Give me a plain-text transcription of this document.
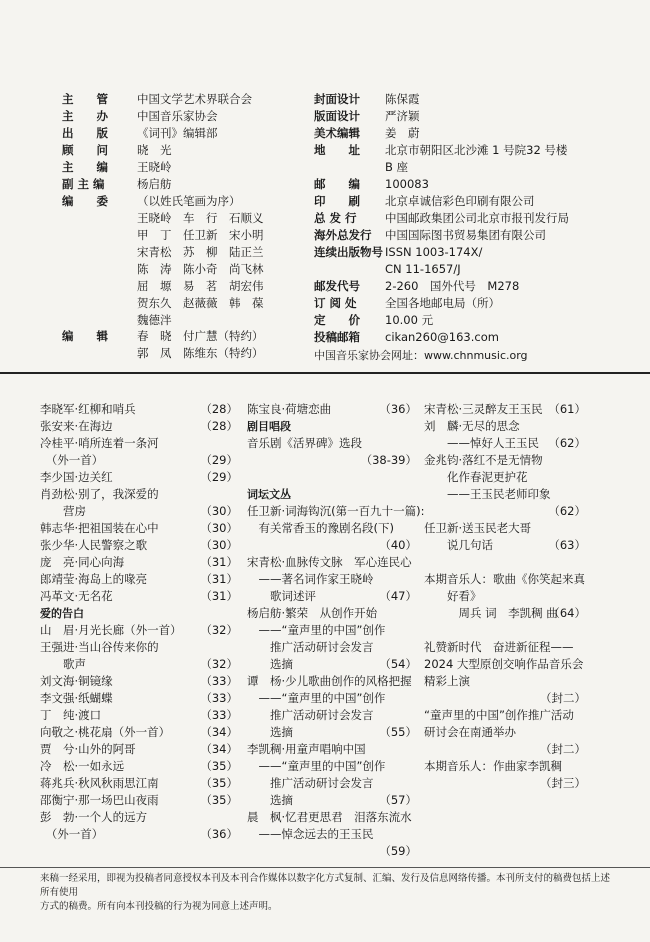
主　　管	中国文学艺术界联合会
主　　办	中国音乐家协会
出　　版	《词刊》编辑部
顾　　问	晓　光
主　　编	王晓岭
副 主 编	杨启舫
编　　委	（以姓氏笔画为序）
王晓岭　车　行　石顺义
甲　丁　任卫新　宋小明
宋青松　苏　柳　陆正兰
陈　涛　陈小奇　尚飞林
屈　塬　易　茗　胡宏伟
贺东久　赵薇薇　韩　葆
魏德泮
编　　辑	春　晓　付广慧（特约）
郭　凤　陈维东（特约）
封面设计 陈保霞
版面设计 严济颖
美术编辑 姜　蔚
地　　址 北京市朝阳区北沙滩 1 号院32 号楼
B 座
邮　　编 100083
印　　刷 北京卓诚信彩色印刷有限公司
总 发 行 中国邮政集团公司北京市报刊发行局
海外总发行 中国国际图书贸易集团有限公司
连续出版物号 ISSN 1003-174X/
CN 11-1657/J
邮发代号 2-260　国外代号　M278
订 阅 处 全国各地邮电局（所）
定　　价 10.00 元
投稿邮箱 cikan260@163.com
中国音乐家协会网址：www.chnmusic.org
李晓军·红柳和哨兵	（28）
张安来·在海边	（28）
冷桂平·哨所连着一条河
　（外一首）	（29）
李少国·边关红	（29）
肖劲松·别了，我深爱的
　　营房	（30）
韩志华·把祖国装在心中	（30）
张少华·人民警察之歌	（30）
庞　亮·同心向海	（31）
郎靖莹·海岛上的喙亮	（31）
冯革文·无名花	（31）
爱的告白
山　眉·月光长廊（外一首） （32）
王强进·当山谷传来你的
　　歌声	（32）
刘文海·铜镜缘	（33）
李文强·纸蝴蝶	（33）
丁　纯·渡口	（33）
向敬之·桃花扇（外一首）	（34）
贾　兮·山外的阿哥	（34）
冷　松·一如永远	（35）
蒋兆兵·秋风秋雨思江南	（35）
邵衡宁·那一场巴山夜雨	（35）
彭　勃·一个人的远方
　（外一首）	（36）
陈宝良·荷塘恋曲	（36）
剧目唱段
音乐剧《活界碑》选段
（38-39）
词坛文丛
任卫新·词海钩沉(第一百九十一篇):
　有关常香玉的豫剧名段(下)
（40）
宋青松·血脉传文脉　军心连民心
　——著名词作家王晓岭
　　歌词述评	（47）
杨启舫·繁荣　从创作开始
　——“童声里的中国”创作
　　推广活动研讨会发言
　　选摘	（54）
谭　杨·少儿歌曲创作的风格把握
　——“童声里的中国”创作
　　推广活动研讨会发言
　　选摘	（55）
李凯稠·用童声唱响中国
　——“童声里的中国”创作
　　推广活动研讨会发言
　　选摘	（57）
晨　枫·忆君更思君　泪落东流水
　——悼念远去的王玉民
（59）
宋青松·三灵醉友王玉民 （61）
刘　麟·无尽的思念
　　——悼好人王玉民 （62）
金兆钧·落红不是无情物
　　化作春泥更护花
　　——王玉民老师印象
（62）
任卫新·送玉民老大哥
　　说几句话	（63）
本期音乐人：歌曲《你笑起来真
　　好看》
　　　周兵 词　李凯稠 曲
（64）
礼赞新时代　奋进新征程——
2024 大型原创交响作品音乐会
精彩上演
（封二）
“童声里的中国”创作推广活动
研讨会在南通举办
（封二）
本期音乐人：作曲家李凯稠
（封三）
来稿一经采用，即视为投稿者同意授权本刊及本刊合作媒体以数字化方式复制、汇编、发行及信息网络传播。本刊所支付的稿费包括上述所有使用
方式的稿费。所有向本刊投稿的行为视为同意上述声明。
